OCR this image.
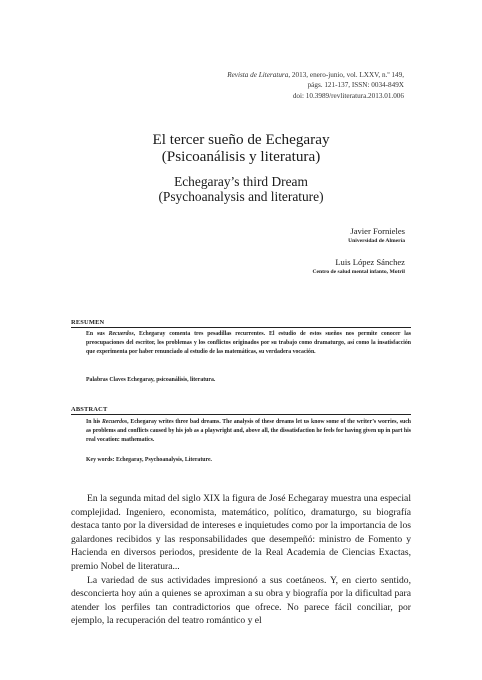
Revista de Literatura, 2013, enero-junio, vol. LXXV, n.º 149,
págs. 121-137, ISSN: 0034-849X
doi: 10.3989/revliteratura.2013.01.006
El tercer sueño de Echegaray
(Psicoanálisis y literatura)
Echegaray’s third Dream
(Psychoanalysis and literature)
Javier Fornieles
Universidad de Almería
Luis López Sánchez
Centro de salud mental infanto, Motril
RESUMEN
En sus Recuerdos, Echegaray comenta tres pesadillas recurrentes. El estudio de estos sueños nos permite conocer las preocupaciones del escritor, los problemas y los conflictos originados por su trabajo como dramaturgo, así como la insatisfacción que experimenta por haber renunciado al estudio de las matemáticas, su verdadera vocación.
Palabras Claves Echegaray, psicoanálisis, literatura.
ABSTRACT
In his Recuerdos, Echegaray writes three bad dreams. The analysis of these dreams let us know some of the writer’s worries, such as problems and conflicts caused by his job as a playwright and, above all, the dissatisfaction he feels for having given up in part his real vocation: mathematics.
Key words: Echegaray, Psychoanalysis, Literature.

En la segunda mitad del siglo XIX la figura de José Echegaray muestra una especial complejidad. Ingeniero, economista, matemático, político, dramaturgo, su biografía destaca tanto por la diversidad de intereses e inquietudes como por la importancia de los galardones recibidos y las responsabilidades que desempeñó: ministro de Fomento y Hacienda en diversos periodos, presidente de la Real Academia de Ciencias Exactas, premio Nobel de literatura...

La variedad de sus actividades impresionó a sus coetáneos. Y, en cierto sentido, desconcierta hoy aún a quienes se aproximan a su obra y biografía por la dificultad para atender los perfiles tan contradictorios que ofrece. No parece fácil conciliar, por ejemplo, la recuperación del teatro romántico y el
